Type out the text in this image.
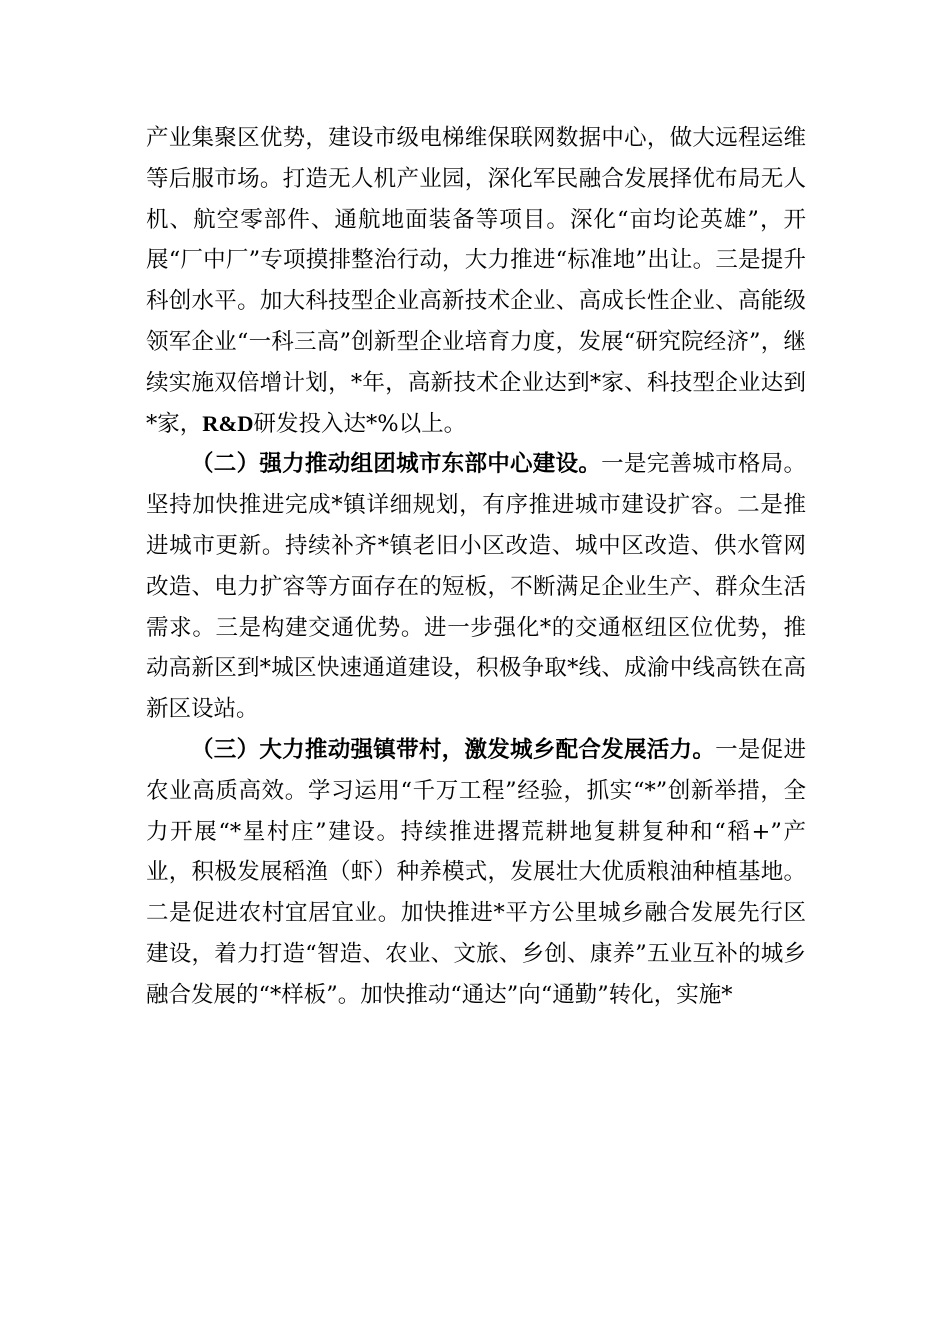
产业集聚区优势，建设市级电梯维保联网数据中心，做大远程运维等后服市场。打造无人机产业园，深化军民融合发展择优布局无人机、航空零部件、通航地面装备等项目。深化“亩均论英雄”，开展“厂中厂”专项摸排整治行动，大力推进“标准地”出让。三是提升科创水平。加大科技型企业高新技术企业、高成长性企业、高能级领军企业“一科三高”创新型企业培育力度，发展“研究院经济”，继续实施双倍增计划，*年，高新技术企业达到*家、科技型企业达到*家，R&D研发投入达*%以上。

（二）强力推动组团城市东部中心建设。一是完善城市格局。坚持加快推进完成*镇详细规划，有序推进城市建设扩容。二是推进城市更新。持续补齐*镇老旧小区改造、城中区改造、供水管网改造、电力扩容等方面存在的短板，不断满足企业生产、群众生活需求。三是构建交通优势。进一步强化*的交通枢纽区位优势，推动高新区到*城区快速通道建设，积极争取*线、成渝中线高铁在高新区设站。

（三）大力推动强镇带村，激发城乡配合发展活力。一是促进农业高质高效。学习运用“千万工程”经验，抓实“*”创新举措，全力开展“*星村庄”建设。持续推进撂荒耕地复耕复种和“稻+”产业，积极发展稻渔（虾）种养模式，发展壮大优质粮油种植基地。二是促进农村宜居宜业。加快推进*平方公里城乡融合发展先行区建设，着力打造“智造、农业、文旅、乡创、康养”五业互补的城乡融合发展的“*样板”。加快推动“通达”向“通勤”转化，实施*
